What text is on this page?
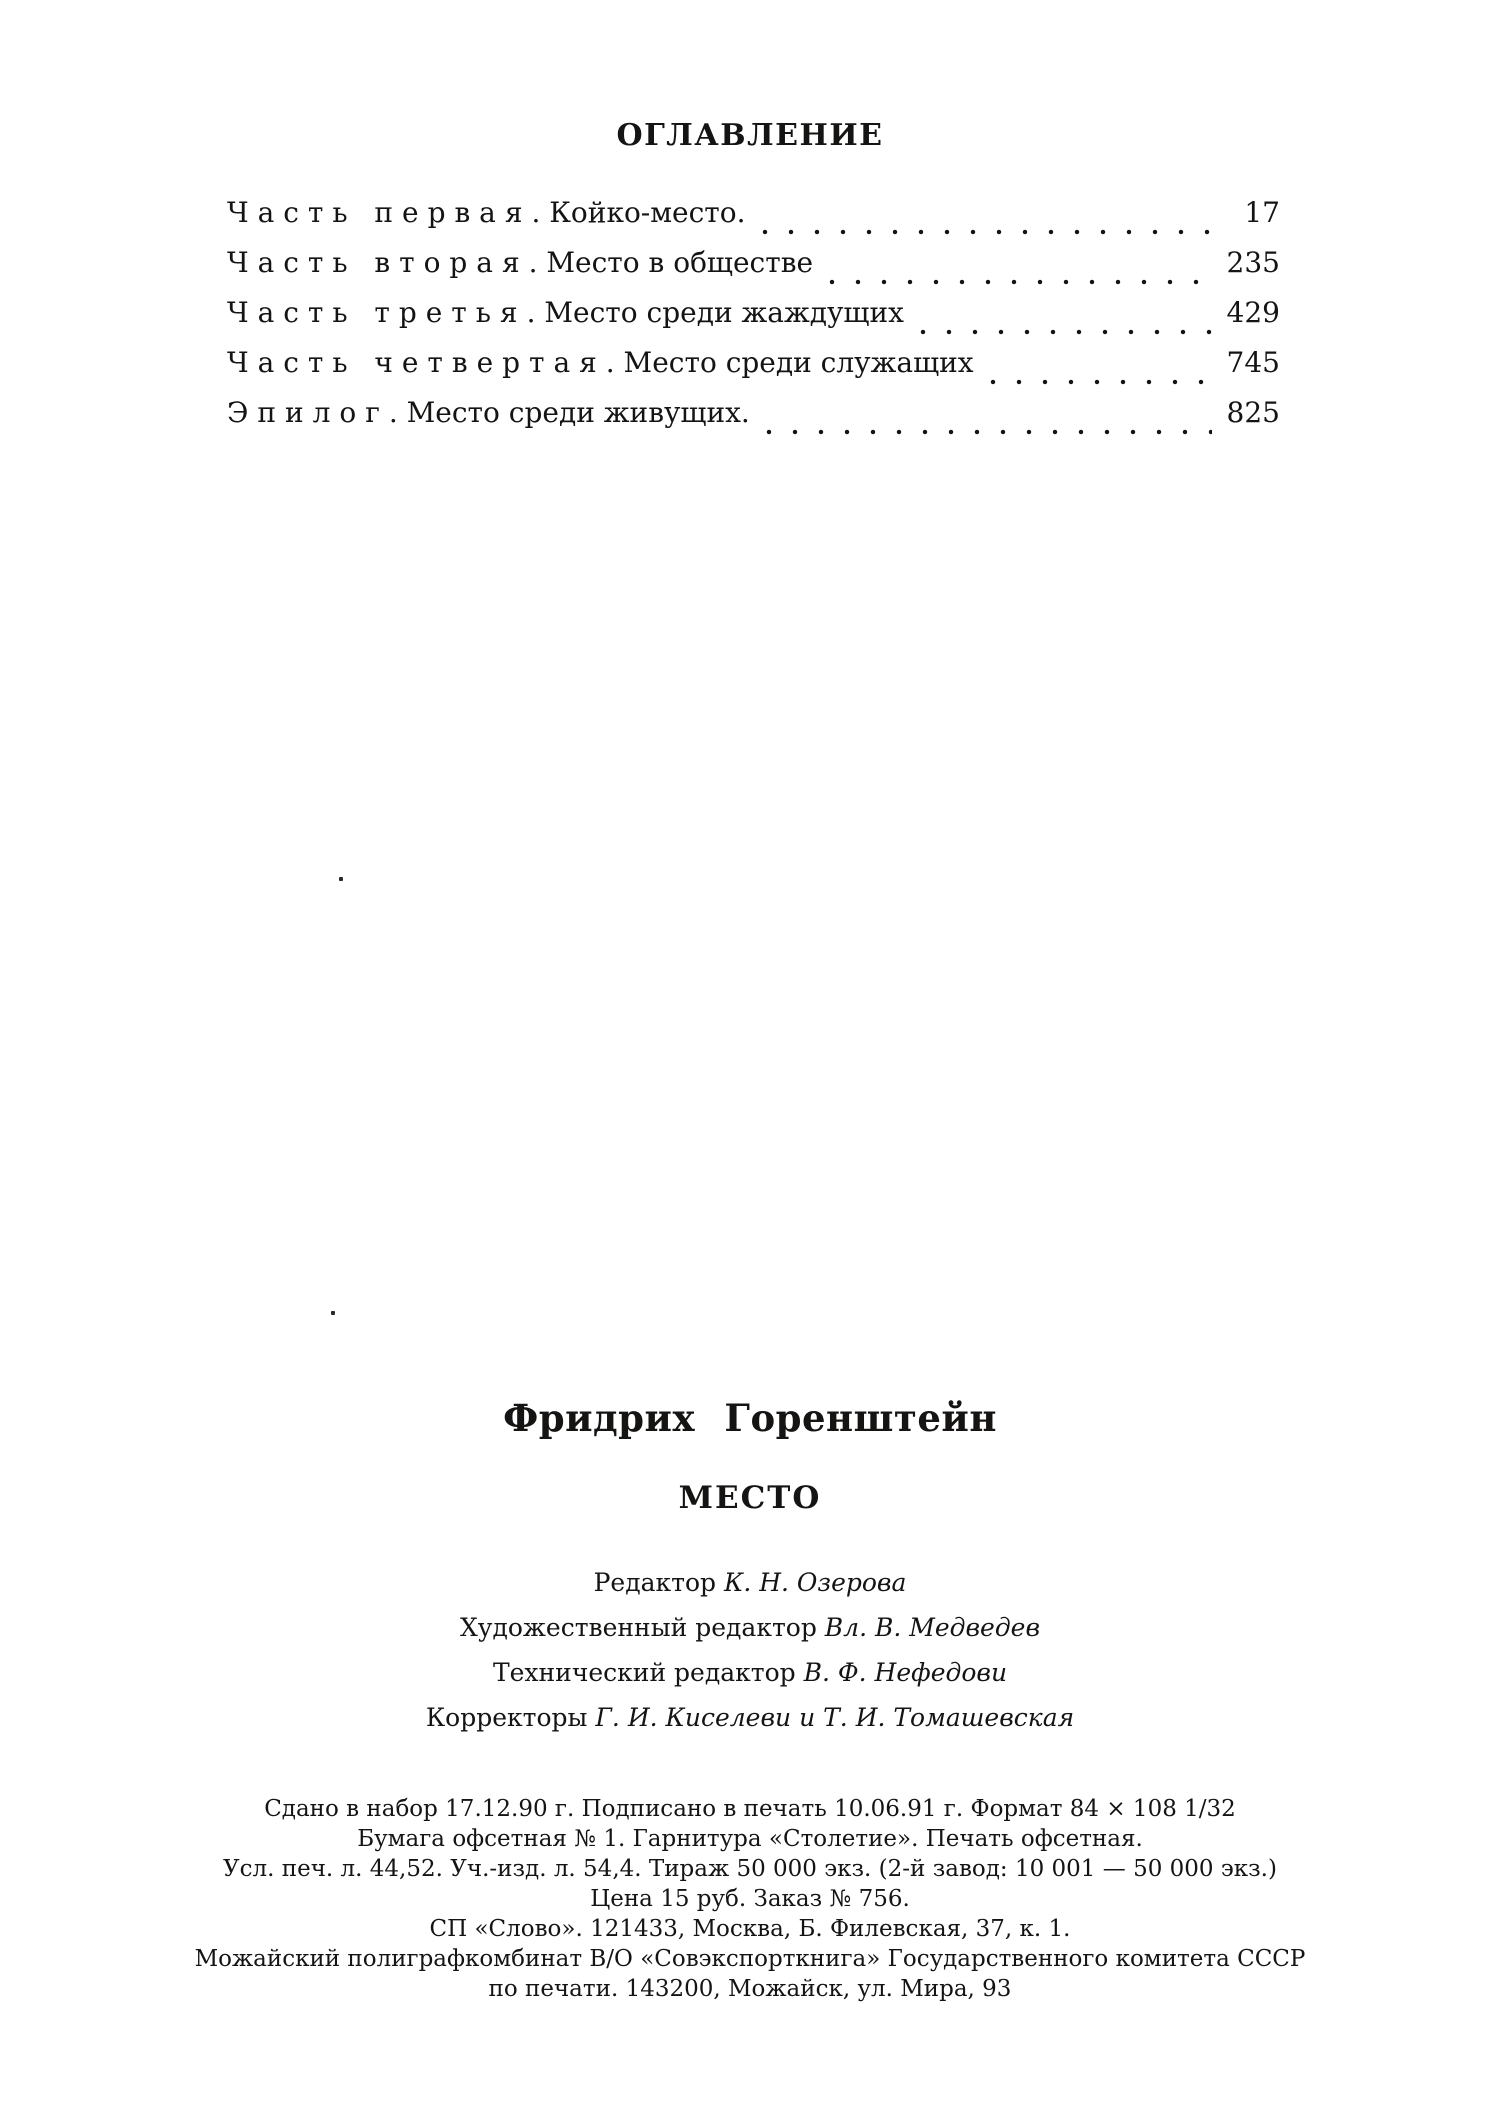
ОГЛАВЛЕНИЕ
Часть первая . Койко-место.	17
Часть вторая . Место в обществе	235
Часть третья . Место среди жаждущих	429
Часть четвертая . Место среди служащих	745
Эпилог . Место среди живущих.	825
Фридрих Горенштейн
МЕСТО
Редактор К. Н. Озерова
Художественный редактор Вл. В. Медведев
Технический редактор В. Ф. Нефедови
Корректоры Г. И. Киселеви и Т. И. Томашевская
Сдано в набор 17.12.90 г. Подписано в печать 10.06.91 г. Формат 84 × 108 1/32
Бумага офсетная № 1. Гарнитура «Столетие». Печать офсетная.
Усл. печ. л. 44,52. Уч.-изд. л. 54,4. Тираж 50 000 экз. (2-й завод: 10 001 — 50 000 экз.)
Цена 15 руб. Заказ № 756.
СП «Слово». 121433, Москва, Б. Филевская, 37, к. 1.
Можайский полиграфкомбинат В/О «Совэкспорткнига» Государственного комитета СССР
по печати. 143200, Можайск, ул. Мира, 93
